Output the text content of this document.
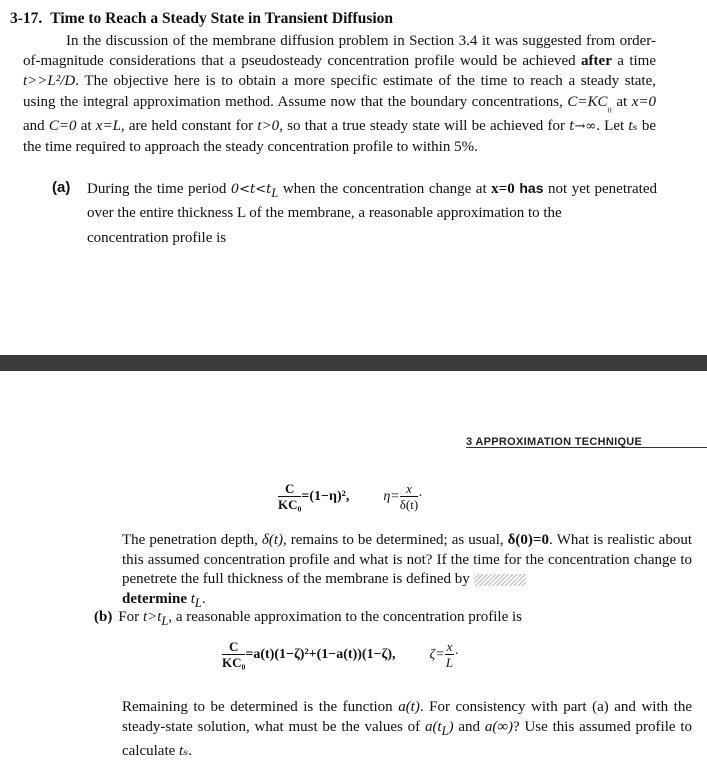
3-17. Time to Reach a Steady State in Transient Diffusion

In the discussion of the membrane diffusion problem in Section 3.4 it was suggested from order-of-magnitude considerations that a pseudosteady concentration profile would be achieved after a time t>>L²/D. The objective here is to obtain a more specific estimate of the time to reach a steady state, using the integral approximation method. Assume now that the boundary concentrations, $C=KC_{_0}$ at x=0 and C=0 at x=L, are held constant for t>0, so that a true steady state will be achieved for t→∞. Let tₛ be the time required to approach the steady concentration profile to within 5%.

(a) During the time period $0<t<t_L$ when the concentration change at x=0 has not yet penetrated over the entire thickness L of the membrane, a reasonable approximation to the
concentration profile is
3 APPROXIMATION TECHNIQUE
$\frac{C}{\text{KC₀}} =(1-\eta)^2$, $\eta= \frac{x}{\delta(t)}$ ·

The penetration depth, δ(t), remains to be determined; as usual, δ(0)=0. What is realistic about this assumed concentration profile and what is not? If the time for the concentration change to penetrete the full thickness of the membrane is defined by
determine $t_L$.

(b) For $t>t_L$, a reasonable approximation to the concentration profile is
$\frac{C}{\text{KC₀}} =a(t)(1-\zeta)^2+(1-a(t))(1-\zeta)$, $\zeta= \frac{x}{L}$ ·

Remaining to be determined is the function a(t). For consistency with part (a) and with the steady-state solution, what must be the values of $a(t_L)$ and a(∞)? Use this assumed profile to calculate tₛ.
